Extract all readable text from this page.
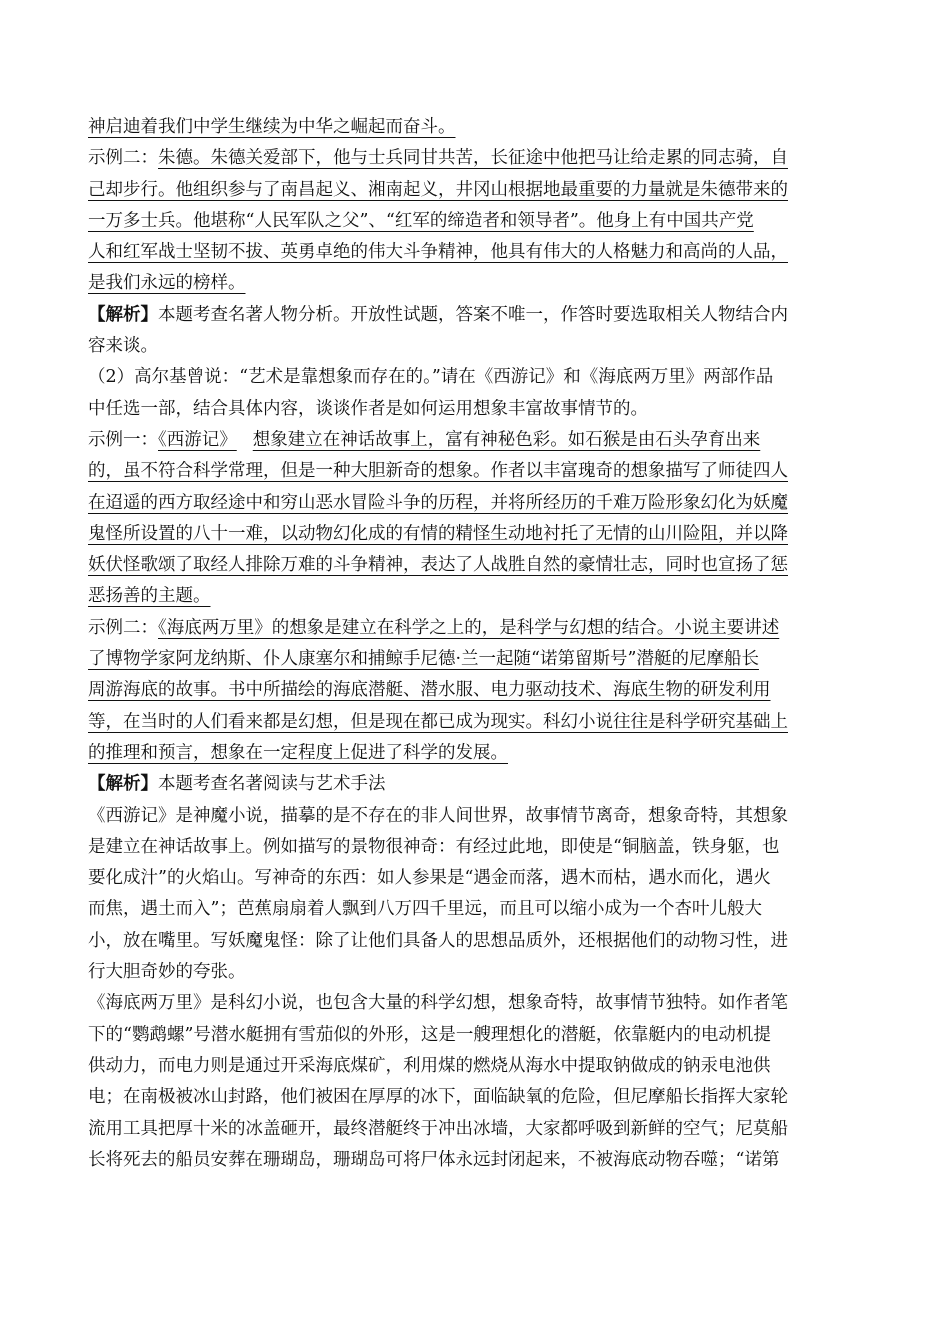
神启迪着我们中学生继续为中华之崛起而奋斗。
示例二：朱德。朱德关爱部下，他与士兵同甘共苦，长征途中他把马让给走累的同志骑，自
己却步行。他组织参与了南昌起义、湘南起义，井冈山根据地最重要的力量就是朱德带来的
一万多士兵。他堪称“人民军队之父”、“红军的缔造者和领导者”。他身上有中国共产党
人和红军战士坚韧不拔、英勇卓绝的伟大斗争精神，他具有伟大的人格魅力和高尚的人品，
是我们永远的榜样。
【解析】本题考查名著人物分析。开放性试题，答案不唯一，作答时要选取相关人物结合内
容来谈。
（2）高尔基曾说：“艺术是靠想象而存在的。”请在《西游记》和《海底两万里》两部作品
中任选一部，结合具体内容，谈谈作者是如何运用想象丰富故事情节的。
示例一：《西游记》 想象建立在神话故事上，富有神秘色彩。如石猴是由石头孕育出来
的，虽不符合科学常理，但是一种大胆新奇的想象。作者以丰富瑰奇的想象描写了师徒四人
在迢遥的西方取经途中和穷山恶水冒险斗争的历程，并将所经历的千难万险形象幻化为妖魔
鬼怪所设置的八十一难，以动物幻化成的有情的精怪生动地衬托了无情的山川险阻，并以降
妖伏怪歌颂了取经人排除万难的斗争精神，表达了人战胜自然的豪情壮志，同时也宣扬了惩
恶扬善的主题。
示例二：《海底两万里》的想象是建立在科学之上的，是科学与幻想的结合。小说主要讲述
了博物学家阿龙纳斯、仆人康塞尔和捕鲸手尼德·兰一起随“诺第留斯号”潜艇的尼摩船长
周游海底的故事。书中所描绘的海底潜艇、潜水服、电力驱动技术、海底生物的研发利用
等，在当时的人们看来都是幻想，但是现在都已成为现实。科幻小说往往是科学研究基础上
的推理和预言，想象在一定程度上促进了科学的发展。
【解析】本题考查名著阅读与艺术手法
《西游记》是神魔小说，描摹的是不存在的非人间世界，故事情节离奇，想象奇特，其想象
是建立在神话故事上。例如描写的景物很神奇：有经过此地，即使是“铜脑盖，铁身躯，也
要化成汁”的火焰山。写神奇的东西：如人参果是“遇金而落，遇木而枯，遇水而化，遇火
而焦，遇土而入”；芭蕉扇扇着人飘到八万四千里远，而且可以缩小成为一个杏叶儿般大
小，放在嘴里。写妖魔鬼怪：除了让他们具备人的思想品质外，还根据他们的动物习性，进
行大胆奇妙的夸张。
《海底两万里》是科幻小说，也包含大量的科学幻想，想象奇特，故事情节独特。如作者笔
下的“鹦鹉螺”号潜水艇拥有雪茄似的外形，这是一艘理想化的潜艇，依靠艇内的电动机提
供动力，而电力则是通过开采海底煤矿，利用煤的燃烧从海水中提取钠做成的钠汞电池供
电；在南极被冰山封路，他们被困在厚厚的冰下，面临缺氧的危险，但尼摩船长指挥大家轮
流用工具把厚十米的冰盖砸开，最终潜艇终于冲出冰墙，大家都呼吸到新鲜的空气；尼莫船
长将死去的船员安葬在珊瑚岛，珊瑚岛可将尸体永远封闭起来，不被海底动物吞噬；“诺第
